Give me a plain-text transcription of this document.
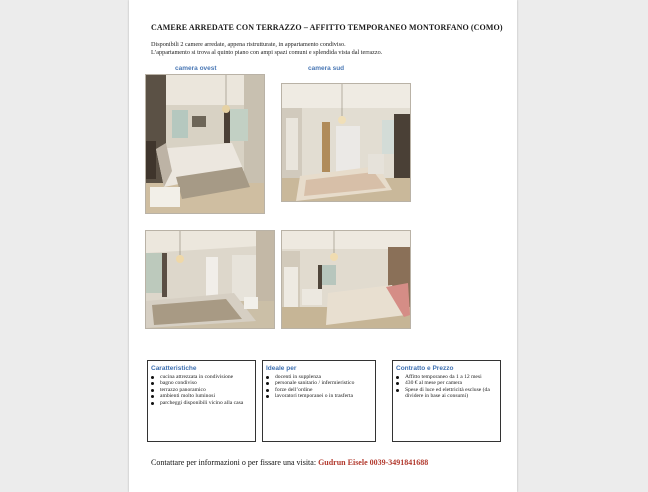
CAMERE ARREDATE CON TERRAZZO – AFFITTO TEMPORANEO MONTORFANO (COMO)
Disponibili 2 camere arredate, appena ristrutturate, in appartamento condiviso.
L’appartamento si trova al quinto piano con ampi spazi comuni e splendida vista dal terrazzo.
camera ovest	camera sud
Caratteristiche
cucina attrezzata in condivisione
bagno condiviso
terrazzo panoramico
ambienti molto luminosi
parcheggi disponibili vicino alla casa
Ideale per
docenti in supplenza
personale sanitario / infermieristico
forze dell’ordine
lavoratori temporanei o in trasferta
Contratto e Prezzo
Affitto temporaneo da 1 a 12 mesi
430 € al mese per camera
Spese di luce ed elettricità escluse (da dividere in base ai consumi)
Contattare per informazioni o per fissare una visita: Gudrun Eisele 0039-3491841688
